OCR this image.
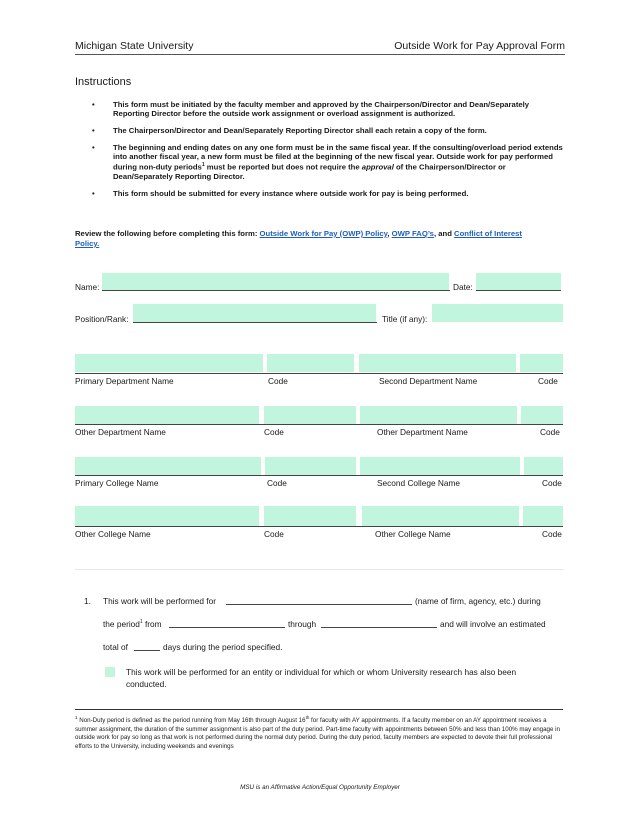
Michigan State University	Outside Work for Pay Approval Form
Instructions
• This form must be initiated by the faculty member and approved by the Chairperson/Director and Dean/Separately Reporting Director before the outside work assignment or overload assignment is authorized.
• The Chairperson/Director and Dean/Separately Reporting Director shall each retain a copy of the form.
• The beginning and ending dates on any one form must be in the same fiscal year. If the consulting/overload period extends into another fiscal year, a new form must be filed at the beginning of the new fiscal year. Outside work for pay performed during non-duty periods$^1$ must be reported but does not require the approval of the Chairperson/Director or Dean/Separately Reporting Director.
• This form should be submitted for every instance where outside work for pay is being performed.
Review the following before completing this form: Outside Work for Pay (OWP) Policy, OWP FAQ’s, and Conflict of Interest
Policy.
Name:	Date:
Position/Rank:	Title (if any):
Primary Department Name	Code	Second Department Name	Code
Other Department Name	Code	Other Department Name	Code
Primary College Name	Code	Second College Name	Code
Other College Name	Code	Other College Name	Code
1. This work will be performed for	(name of firm, agency, etc.) during
the period$^1$ from	through	and will involve an estimated
total of	days during the period specified.
This work will be performed for an entity or individual for which or whom University research has also been conducted.
$^1$ Non-Duty period is defined as the period running from May 16th through August 16th for faculty with AY appointments. If a faculty member on an AY appointment receives a summer assignment, the duration of the summer assignment is also part of the duty period. Part-time faculty with appointments between 50% and less than 100% may engage in outside work for pay so long as that work is not performed during the normal duty period. During the duty period, faculty members are expected to devote their full professional efforts to the University, including weekends and evenings
MSU is an Affirmative Action/Equal Opportunity Employer
